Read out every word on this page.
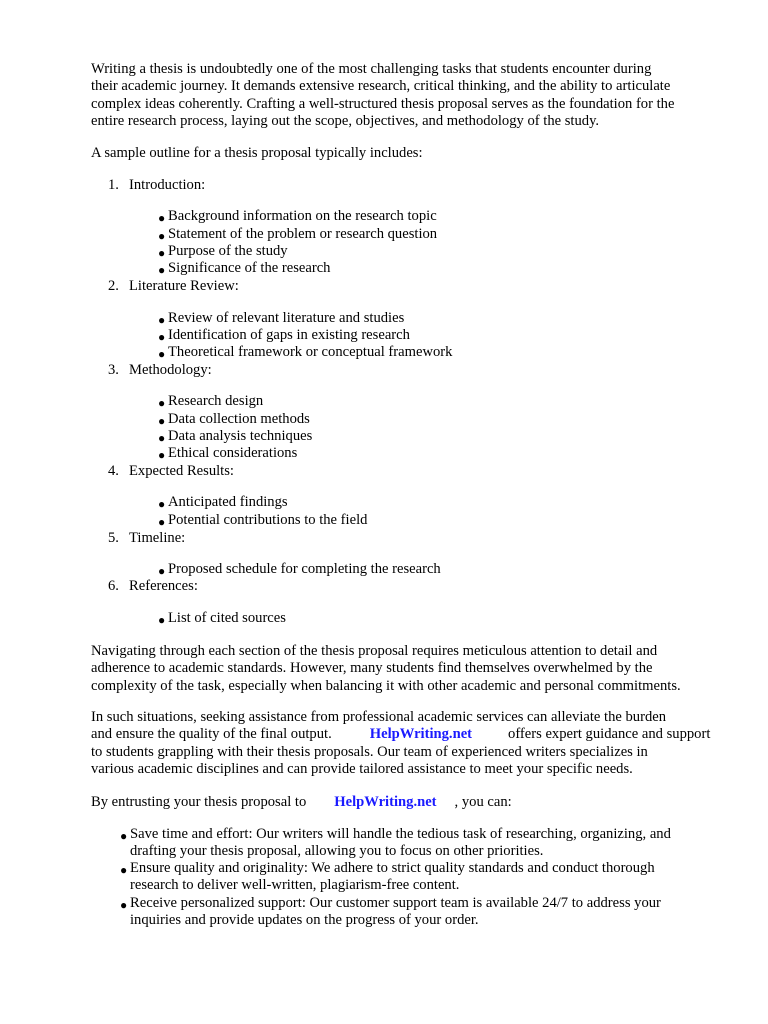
Writing a thesis is undoubtedly one of the most challenging tasks that students encounter during
their academic journey. It demands extensive research, critical thinking, and the ability to articulate
complex ideas coherently. Crafting a well-structured thesis proposal serves as the foundation for the
entire research process, laying out the scope, objectives, and methodology of the study.
A sample outline for a thesis proposal typically includes:
1. Introduction:
● Background information on the research topic
● Statement of the problem or research question
● Purpose of the study
● Significance of the research
2. Literature Review:
● Review of relevant literature and studies
● Identification of gaps in existing research
● Theoretical framework or conceptual framework
3. Methodology:
● Research design
● Data collection methods
● Data analysis techniques
● Ethical considerations
4. Expected Results:
● Anticipated findings
● Potential contributions to the field
5. Timeline:
● Proposed schedule for completing the research
6. References:
● List of cited sources
Navigating through each section of the thesis proposal requires meticulous attention to detail and
adherence to academic standards. However, many students find themselves overwhelmed by the
complexity of the task, especially when balancing it with other academic and personal commitments.
In such situations, seeking assistance from professional academic services can alleviate the burden
and ensure the quality of the final output.	HelpWriting.net offers expert guidance and support
to students grappling with their thesis proposals. Our team of experienced writers specializes in
various academic disciplines and can provide tailored assistance to meet your specific needs.
By entrusting your thesis proposal to HelpWriting.net , you can:
● Save time and effort: Our writers will handle the tedious task of researching, organizing, and
drafting your thesis proposal, allowing you to focus on other priorities.
● Ensure quality and originality: We adhere to strict quality standards and conduct thorough
research to deliver well-written, plagiarism-free content.
● Receive personalized support: Our customer support team is available 24/7 to address your
inquiries and provide updates on the progress of your order.
